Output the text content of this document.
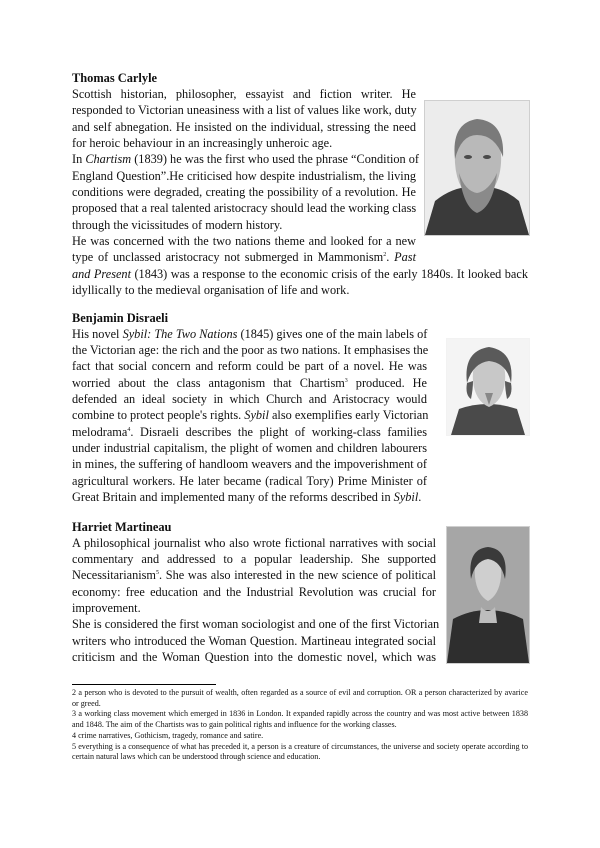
Thomas Carlyle
Scottish historian, philosopher, essayist and fiction writer. He
responded to Victorian uneasiness with a list of values like work, duty
and self abnegation. He insisted on the individual, stressing the need
for heroic behaviour in an increasingly unheroic age.
In Chartism (1839) he was the first who used the phrase “Condition of
England Question”.He criticised how despite industrialism, the living
conditions were degraded, creating the possibility of a revolution. He
proposed that a real talented aristocracy should lead the working class
through the vicissitudes of modern history.
He was concerned with the two nations theme and looked for a new
type of unclassed aristocracy not submerged in Mammonism$^2$. Past
and Present (1843) was a response to the economic crisis of the early 1840s. It looked back
idyllically to the medieval organisation of life and work.
Benjamin Disraeli
His novel Sybil: The Two Nations (1845) gives one of the main labels of
the Victorian age: the rich and the poor as two nations. It emphasises the
fact that social concern and reform could be part of a novel. He was
worried about the class antagonism that Chartism$^3$ produced. He
defended an ideal society in which Church and Aristocracy would
combine to protect people's rights. Sybil also exemplifies early Victorian
melodrama$^4$. Disraeli describes the plight of working-class families
under industrial capitalism, the plight of women and children labourers
in mines, the suffering of handloom weavers and the impoverishment of
agricultural workers. He later became (radical Tory) Prime Minister of
Great Britain and implemented many of the reforms described in Sybil.
Harriet Martineau
A philosophical journalist who also wrote fictional narratives with social
commentary and addressed to a popular leadership. She supported
Necessitarianism$^5$. She was also interested in the new science of political
economy: free education and the Industrial Revolution was crucial for
improvement.
She is considered the first woman sociologist and one of the first Victorian
writers who introduced the Woman Question. Martineau integrated social
criticism and the Woman Question into the domestic novel, which was

2 a person who is devoted to the pursuit of wealth, often regarded as a source of evil and corruption. OR a person characterized by avarice or greed.

3 a working class movement which emerged in 1836 in London. It expanded rapidly across the country and was most active between 1838 and 1848. The aim of the Chartists was to gain political rights and influence for the working classes.

4 crime narratives, Gothicism, tragedy, romance and satire.

5 everything is a consequence of what has preceded it, a person is a creature of circumstances, the universe and society operate according to certain natural laws which can be understood through science and education.
